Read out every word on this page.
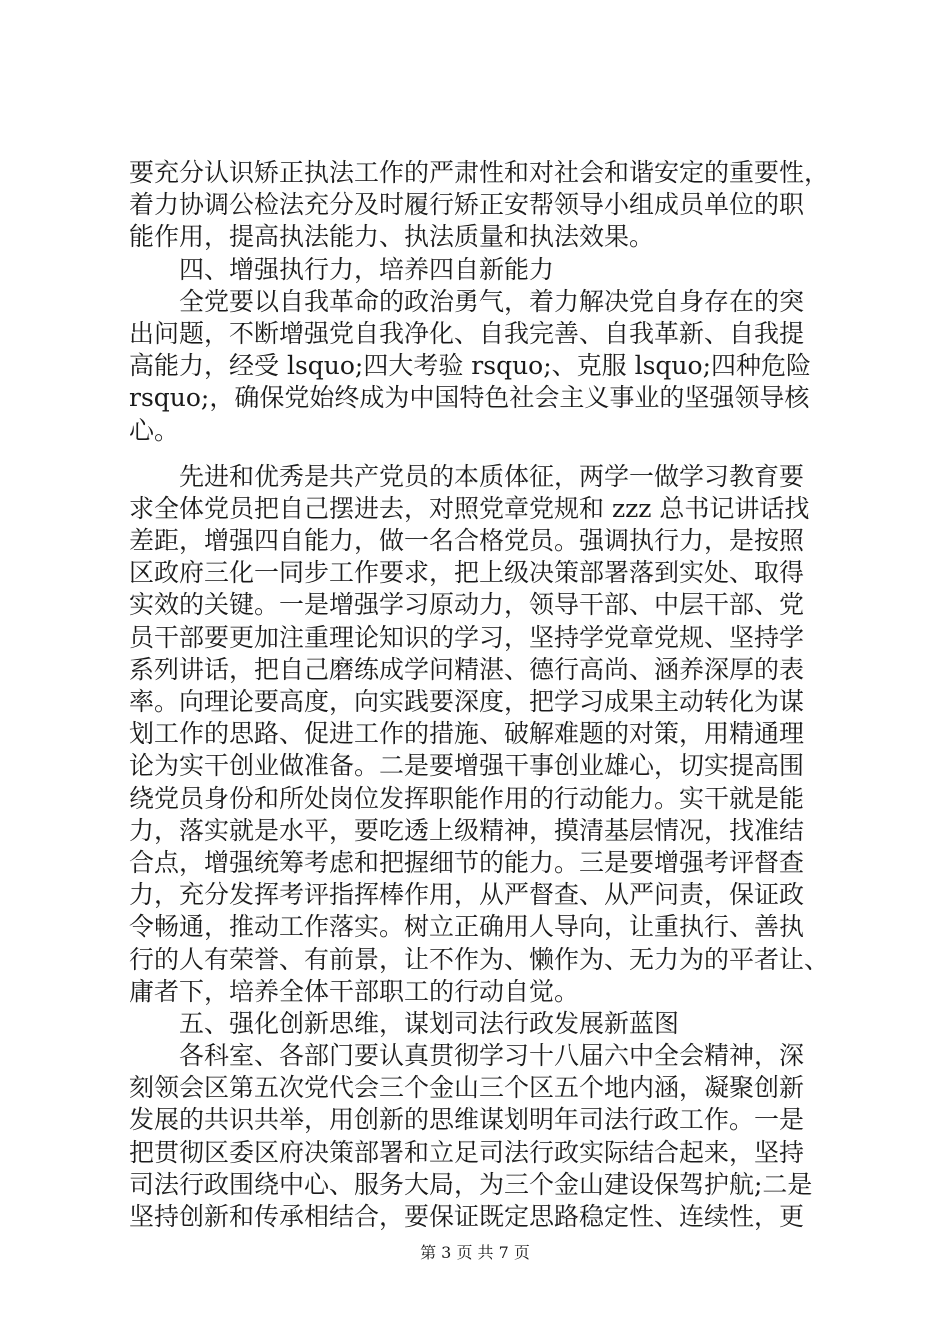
要充分认识矫正执法工作的严肃性和对社会和谐安定的重要性，
着力协调公检法充分及时履行矫正安帮领导小组成员单位的职
能作用，提高执法能力、执法质量和执法效果。
四、增强执行力，培养四自新能力
全党要以自我革命的政治勇气，着力解决党自身存在的突
出问题，不断增强党自我净化、自我完善、自我革新、自我提
高能力，经受 lsquo;四大考验 rsquo;、克服 lsquo;四种危险
rsquo;，确保党始终成为中国特色社会主义事业的坚强领导核
心。
先进和优秀是共产党员的本质体征，两学一做学习教育要
求全体党员把自己摆进去，对照党章党规和 zzz 总书记讲话找
差距，增强四自能力，做一名合格党员。强调执行力，是按照
区政府三化一同步工作要求，把上级决策部署落到实处、取得
实效的关键。一是增强学习原动力，领导干部、中层干部、党
员干部要更加注重理论知识的学习，坚持学党章党规、坚持学
系列讲话，把自己磨练成学问精湛、德行高尚、涵养深厚的表
率。向理论要高度，向实践要深度，把学习成果主动转化为谋
划工作的思路、促进工作的措施、破解难题的对策，用精通理
论为实干创业做准备。二是要增强干事创业雄心，切实提高围
绕党员身份和所处岗位发挥职能作用的行动能力。实干就是能
力，落实就是水平，要吃透上级精神，摸清基层情况，找准结
合点，增强统筹考虑和把握细节的能力。三是要增强考评督查
力，充分发挥考评指挥棒作用，从严督查、从严问责，保证政
令畅通，推动工作落实。树立正确用人导向，让重执行、善执
行的人有荣誉、有前景，让不作为、懒作为、无力为的平者让、
庸者下，培养全体干部职工的行动自觉。
五、强化创新思维，谋划司法行政发展新蓝图
各科室、各部门要认真贯彻学习十八届六中全会精神，深
刻领会区第五次党代会三个金山三个区五个地内涵，凝聚创新
发展的共识共举，用创新的思维谋划明年司法行政工作。一是
把贯彻区委区府决策部署和立足司法行政实际结合起来，坚持
司法行政围绕中心、服务大局，为三个金山建设保驾护航;二是
坚持创新和传承相结合，要保证既定思路稳定性、连续性，更
第 3 页 共 7 页
